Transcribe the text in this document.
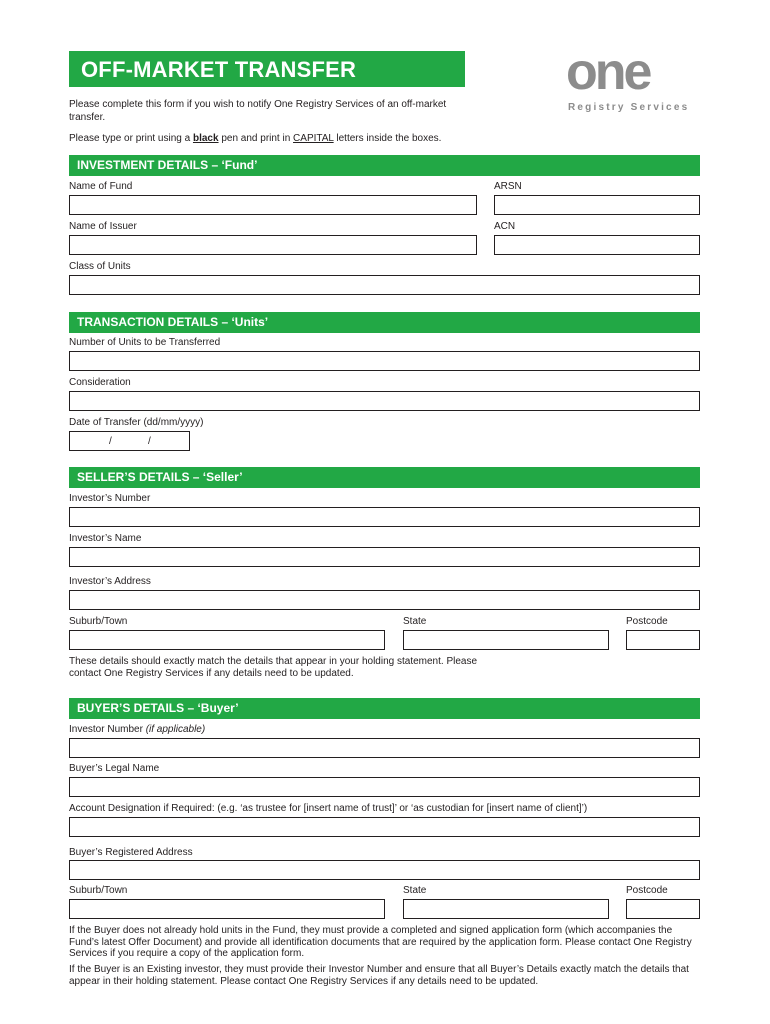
OFF-MARKET TRANSFER	one
Registry Services
Please complete this form if you wish to notify One Registry Services of an off-market transfer.
Please type or print using a black pen and print in CAPITAL letters inside the boxes.
INVESTMENT DETAILS – ‘Fund’
Name of Fund	ARSN
Name of Issuer	ACN
Class of Units
TRANSACTION DETAILS – ‘Units’
Number of Units to be Transferred
Consideration
Date of Transfer (dd/mm/yyyy)
/	/
SELLER’S DETAILS – ‘Seller’
Investor’s Number
Investor’s Name
Investor’s Address
Suburb/Town	State	Postcode
These details should exactly match the details that appear in your holding statement. Please contact One Registry Services if any details need to be updated.
BUYER’S DETAILS – ‘Buyer’
Investor Number (if applicable)
Buyer’s Legal Name
Account Designation if Required: (e.g. ‘as trustee for [insert name of trust]’ or ‘as custodian for [insert name of client]’)
Buyer’s Registered Address
Suburb/Town	State	Postcode
If the Buyer does not already hold units in the Fund, they must provide a completed and signed application form (which accompanies the Fund’s latest Offer Document) and provide all identification documents that are required by the application form. Please contact One Registry Services if you require a copy of the application form.
If the Buyer is an Existing investor, they must provide their Investor Number and ensure that all Buyer’s Details exactly match the details that appear in their holding statement. Please contact One Registry Services if any details need to be updated.
